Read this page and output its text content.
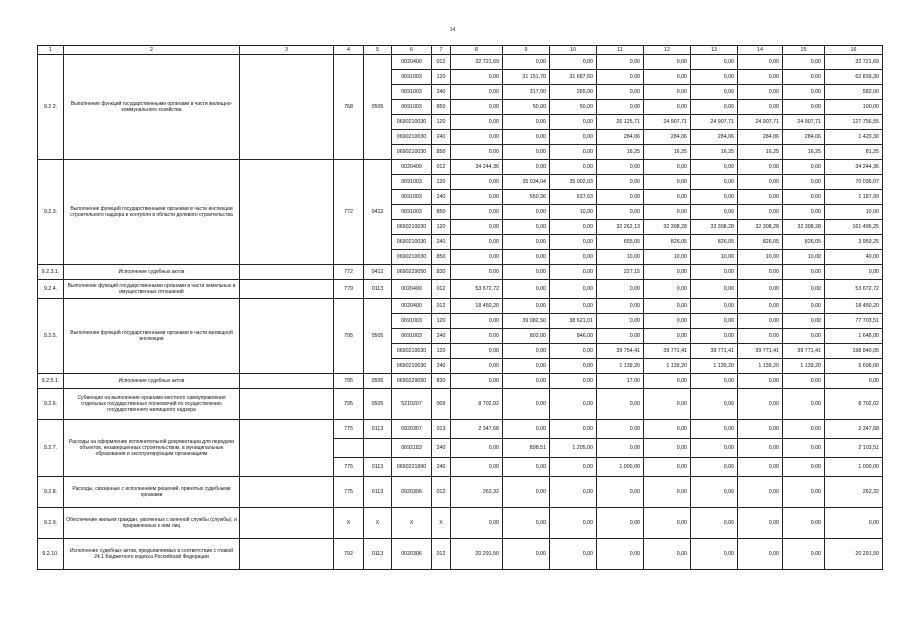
14
1	2	3	4	5	6	7	8	9	10	11	12	13	14	15	16
9.2.2.	Выполнение функций государственными органами в части жилищно-коммунального хозяйства		768	0505	0020400	012	32 721,69	0,00	0,00	0,00	0,00	0,00	0,00	0,00	32 721,69
					0691003	120	0,00	31 151,70	31 687,60	0,00	0,00	0,00	0,00	0,00	62 839,30
					0691003	240	0,00	317,00	265,00	0,00	0,00	0,00	0,00	0,00	582,00
					0691003	850	0,00	50,00	50,00	0,00	0,00	0,00	0,00	0,00	100,00
					0690210030	120	0,00	0,00	0,00	26 125,71	24 907,71	24 907,71	24 907,71	24 907,71	127 756,55
					0690210030	240	0,00	0,00	0,00	284,06	284,06	284,06	284,06	284,06	1 420,30
					0690210030	850	0,00	0,00	0,00	16,25	16,25	16,25	16,25	16,25	81,25
9.2.3.	Выполнение функций государственными органами в части инспекции строительного надзора и контроля в области долевого строительства		772	0412	0020400	012	34 244,36	0,00	0,00	0,00	0,00	0,00	0,00	0,00	34 244,36
					0691003	120	0,00	35 034,04	35 002,03	0,00	0,00	0,00	0,00	0,00	70 036,07
					0691003	240	0,00	550,36	637,63	0,00	0,00	0,00	0,00	0,00	1 187,99
					0691003	850	0,00	0,00	10,00	0,00	0,00	0,00	0,00	0,00	10,00
					0690210030	120	0,00	0,00	0,00	32 262,13	32 308,28	32 308,28	32 308,28	32 308,28	161 495,25
					0690210030	240	0,00	0,00	0,00	655,05	826,05	826,05	826,05	826,05	3 959,25
					0690210030	850	0,00	0,00	0,00	10,00	10,00	10,00	10,00	10,00	40,00
9.2.3.1.	Исполнение судебных актов		772	0412	0690229050	830	0,00	0,00	0,00	227,15	0,00	0,00	0,00	0,00	0,00
9.2.4.	Выполнение функций государственными органами в части земельных и имущественных отношений		779	0113	0020400	012	53 672,72	0,00	0,00	0,00	0,00	0,00	0,00	0,00	53 672,72
9.2.5.	Выполнение функций государственными органами в части жилищной инспекции		795	0505	0020400	012	18 450,20	0,00	0,00	0,00	0,00	0,00	0,00	0,00	18 450,20
					0691003	120	0,00	39 082,50	38 621,01	0,00	0,00	0,00	0,00	0,00	77 703,51
					0691003	240	0,00	802,00	846,00	0,00	0,00	0,00	0,00	0,00	1 648,00
					0690210030	120	0,00	0,00	0,00	39 754,41	39 771,41	39 771,41	39 771,41	39 771,41	198 840,05
					0690210030	240	0,00	0,00	0,00	1 139,20	1 139,20	1 139,20	1 139,20	1 139,20	5 696,00
9.2.5.1.	Исполнение судебных актов		795	0505	0690229050	830	0,00	0,00	0,00	17,00	0,00	0,00	0,00	0,00	0,00
9.2.6.	Субвенции на выполнение органами местного самоуправления отдельных государственных полномочий по осуществлению государственного жилищного надзора		795	0505	5210207	009	8 702,02	0,00	0,00	0,00	0,00	0,00	0,00	0,00	8 702,02
9.2.7.	Расходы на оформление исполнительной документации для передачи объектов, незавершенных строительством, в муниципальные образования и эксплуатирующим организациям		775	0113	0920307	013	2 347,68	0,00	0,00	0,00	0,00	0,00	0,00	0,00	2 347,68
					0692183	240	0,00	898,51	1 205,00	0,00	0,00	0,00	0,00	0,00	2 103,51
			775	0113	0690221890	240	0,00	0,00	0,00	1 000,00	0,00	0,00	0,00	0,00	1 000,00
9.2.8.	Расходы, связанные с исполнением решений, принятых судебными органами		775	0113	0920306	012	262,32	0,00	0,00	0,00	0,00	0,00	0,00	0,00	262,32
9.2.9.	Обеспечение жильем граждан, уволенных с военной службы (службы), и приравненных к ним лиц		X	X	X	X	0,00	0,00	0,00	0,00	0,00	0,00	0,00	0,00	0,00
9.2.10.	Исполнение судебных актов, предъявляемых в соответствии с главой 24.1 Бюджетного кодекса Российской Федерации		792	0113	0020306	012	20 291,50	0,00	0,00	0,00	0,00	0,00	0,00	0,00	20 291,50
